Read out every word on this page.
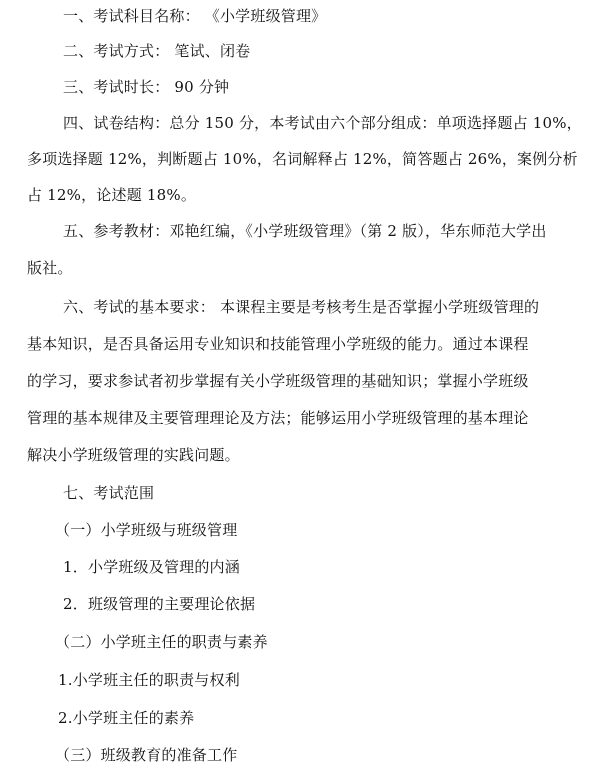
一、考试科目名称： 《小学班级管理》
二、考试方式： 笔试、闭卷
三、考试时长： 90 分钟
四、试卷结构：总分 150 分，本考试由六个部分组成：单项选择题占 10%，
多项选择题 12%，判断题占 10%，名词解释占 12%，简答题占 26%，案例分析
占 12%，论述题 18%。
五、参考教材：邓艳红编，《小学班级管理》（第 2 版），华东师范大学出
版社。
六、考试的基本要求： 本课程主要是考核考生是否掌握小学班级管理的
基本知识，是否具备运用专业知识和技能管理小学班级的能力。通过本课程
的学习，要求参试者初步掌握有关小学班级管理的基础知识；掌握小学班级
管理的基本规律及主要管理理论及方法；能够运用小学班级管理的基本理论
解决小学班级管理的实践问题。
七、考试范围
（一）小学班级与班级管理
1．小学班级及管理的内涵
2．班级管理的主要理论依据
（二）小学班主任的职责与素养
1.小学班主任的职责与权利
2.小学班主任的素养
（三）班级教育的准备工作
